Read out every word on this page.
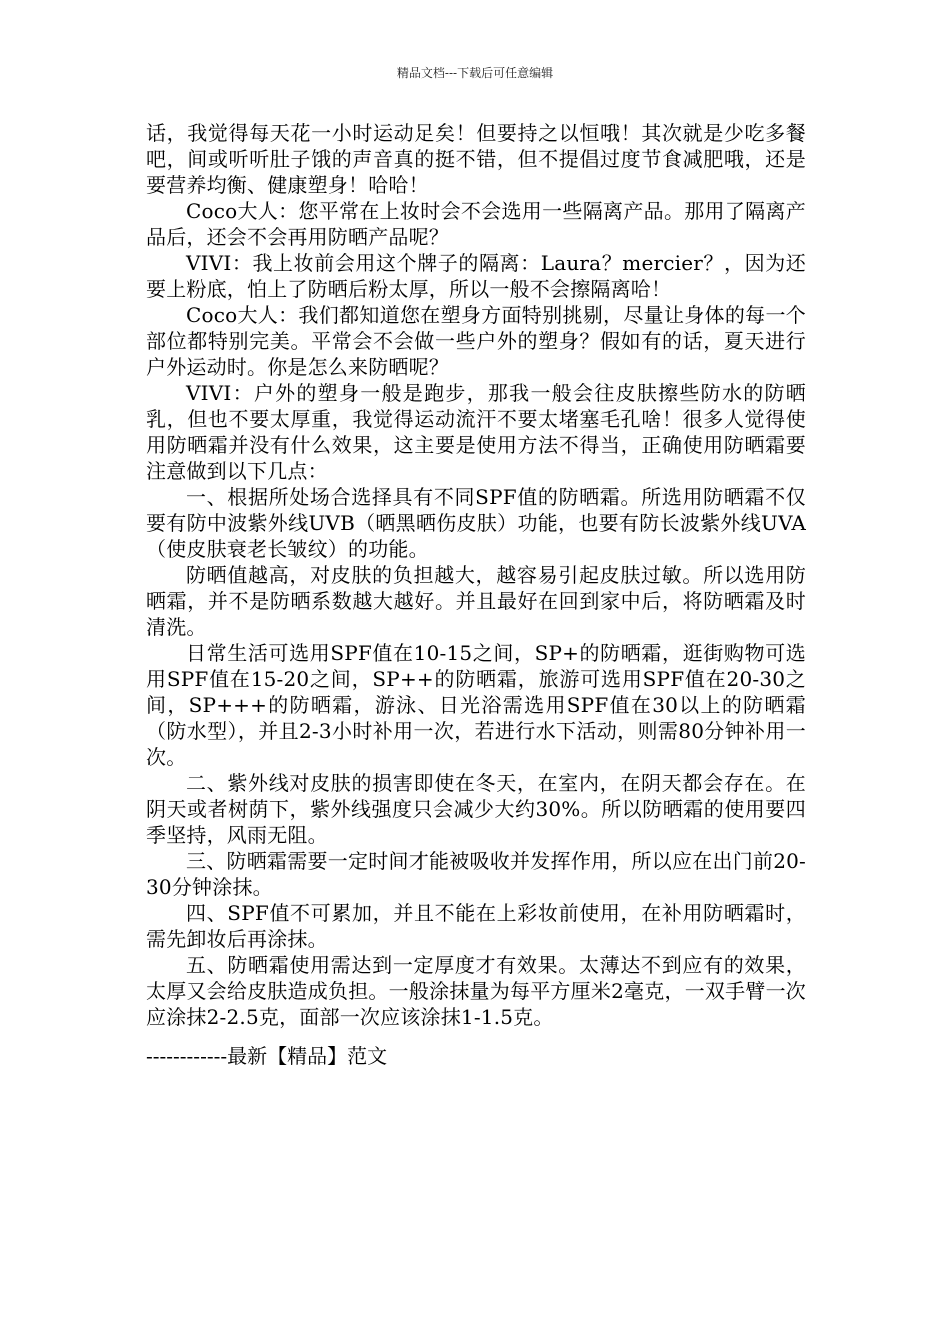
精品文档---下载后可任意编辑

话，我觉得每天花一小时运动足矣！但要持之以恒哦！其次就是少吃多餐吧，间或听听肚子饿的声音真的挺不错，但不提倡过度节食减肥哦，还是要营养均衡、健康塑身！哈哈！

Coco大人：您平常在上妆时会不会选用一些隔离产品。那用了隔离产品后，还会不会再用防晒产品呢？

VIVI：我上妆前会用这个牌子的隔离：Laura？mercier？，因为还要上粉底，怕上了防晒后粉太厚，所以一般不会擦隔离哈！

Coco大人：我们都知道您在塑身方面特别挑剔，尽量让身体的每一个部位都特别完美。平常会不会做一些户外的塑身？假如有的话，夏天进行户外运动时。你是怎么来防晒呢？

VIVI：户外的塑身一般是跑步，那我一般会往皮肤擦些防水的防晒乳，但也不要太厚重，我觉得运动流汗不要太堵塞毛孔啥！很多人觉得使用防晒霜并没有什么效果，这主要是使用方法不得当，正确使用防晒霜要注意做到以下几点：

一、根据所处场合选择具有不同SPF值的防晒霜。所选用防晒霜不仅要有防中波紫外线UVB（晒黑晒伤皮肤）功能，也要有防长波紫外线UVA（使皮肤衰老长皱纹）的功能。

防晒值越高，对皮肤的负担越大，越容易引起皮肤过敏。所以选用防晒霜，并不是防晒系数越大越好。并且最好在回到家中后，将防晒霜及时清洗。

日常生活可选用SPF值在10-15之间，SP+的防晒霜，逛街购物可选用SPF值在15-20之间，SP++的防晒霜，旅游可选用SPF值在20-30之间，SP+++的防晒霜，游泳、日光浴需选用SPF值在30以上的防晒霜（防水型），并且2-3小时补用一次，若进行水下活动，则需80分钟补用一次。

二、紫外线对皮肤的损害即使在冬天，在室内，在阴天都会存在。在阴天或者树荫下，紫外线强度只会减少大约30%。所以防晒霜的使用要四季坚持，风雨无阻。

三、防晒霜需要一定时间才能被吸收并发挥作用，所以应在出门前20-30分钟涂抹。

四、SPF值不可累加，并且不能在上彩妆前使用，在补用防晒霜时，需先卸妆后再涂抹。

五、防晒霜使用需达到一定厚度才有效果。太薄达不到应有的效果，太厚又会给皮肤造成负担。一般涂抹量为每平方厘米2毫克，一双手臂一次应涂抹2-2.5克，面部一次应该涂抹1-1.5克。

------------最新【精品】范文
